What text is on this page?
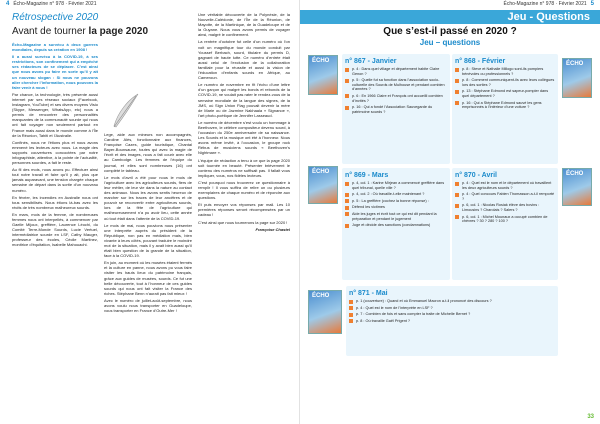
4 Écho-Magazine n° 978 · Février 2021
Rétrospective 2020
Avant de tourner la page 2020

Écho-Magazine a survécu à deux guerres mondiales, depuis sa création en 1908 !

Il a aussi survécu à la COVID-19, à ses restrictions, son confinement qui a empêché ses rédacteurs de se déplacer. C’est ainsi que nous avons pu faire en sorte qu’il y ait un nouveau slogan : Si nous ne pouvons aller chercher l’information, nous pouvons la faire venir à nous !

Par chance, la technologie, très présente aussi internet par ses réseaux sociaux (Facebook, Instagram, YouTube) et ses divers moyens Visio (Skype, Messenger, WhatsApp, etc) nous a permis de rencontrer des personnalités marquantes de la communauté sourde qui nous ont fait voyager non seulement partout en France mais aussi dans le monde comme à l’Île de la Réunion, Tahiti et l’Australie.

Confinés, nous ne l’étions plus et nous avons emmené les lecteurs avec nous. La magie des supports couvertures concoctées par notre infographiste, attentive, à la pointe de l’actualité, personnes sourdes, a fait le reste.

Au fil des mois, nous avons pu. Effectuer ainsi tout notre travail et faire qu’il y ait, plus que jamais auparavant, une tension chargée chaque semaine de départ dans la sortie d’un nouveau numéro.

En février, les incendies en Australie nous ont tous sensibilisés. Nous étions là-bas avec les récits de très nombreux malheureux sourds.

En mars, mois de la femme, de nombreuses femmes nous ont interpellés, à commencer par Gaelle Mijoux, greffière, Laurence Léochi, du Comité Terre-Monde Sourds, Lucie Vertuel, intermédiatrice sourde en LSF, Cathy Mauger, professeur des écoles, Cécile Martinez, monitrice d’équitation, Isabelle Mahouachi.

Lege, aide aux mineurs non accompagnés, Caroline Alès, fonctionnaire aux finances, Françoise Cazes, guide touristique, Chantal Bayer-Bounsaune, toutes qui avec la magie de l’écrit et des images, nous a fait courir avec elle au Cambodge. Les femmes de l’équipe du journal, et elles sont nombreuses (16) ont complété le tableau.

Le mois d’avril a été pour nous le mois de l’agriculture avec les agriculteurs sourds, fiers de leur métier, de leur vie dans la nature au contact des animaux. Nous les avons sentis heureux de marcher sur les traces de leur ancêtres et de pouvoir se reconvertir entre agriculteurs sourds, lors de la fête de l’agriculture qui malheureusement n’a pu avoir lieu, cette année où tout était dans l’attente de la COVID-19.

Le mois de mai, nous pouvions nous présenter une interprète auprès du président de la République, non pas en médiation mais, bien vivante à leurs côtés, pouvant traduire le moindre mot de la situation, mais il y avait bien aussi qu’il était bien question de la grande de la situation, face à la COVID-19.

En juin, au moment où les musées étaient fermés et la culture en panne, nous avons pu vous faire visiter les hauts lieux du patrimoine français, grâce aux guides de musées, sourds. Ce fut une belle découverte, tout à l’honneur de ces guides sourds qui nous ont fait visiter la France des riches. Stéphane Benn n’aurait pas fait mieux !

Avec le numéro de juillet-août-septembre, nous avons voulu nous transporter en Guadeloupe, vous transporter en France d’Outre-Mer !

Une véritable découverte de la Polynésie, de la Nouvelle-Calédonie, de l’Île de la Réunion, de Mayotte, de la Martinique, de la Guadeloupe et de la Guyane. Nous vous avons permis de voyager ainsi, malgré le confinement.

La rentrée d’octobre fut celle d’un numéro où l’on voit un magnifique tour du monde conduit par Youssef Berbach, sourd, titulaire du permis D, gagnant de haute lutte. Ce numéro d’entrée était aussi celui de l’exclusion de la collaboration familiale pour la réussite et aussi la vision de l’éducation d’enfants sourds en Afrique, au Cameroun.

Le numéro de novembre en fit l’écho d’une lettre d’un garçon qui malgré les bonds et rebonds de la COVID-19, ne voulait pas rater le rendez-vous de la semaine mondiale de la langue des signes, de la JMS, où Sign Union Flag pouvait devenir la mère de Marie ou de Jazmine Nakhaala « Signanoe », l’art photo-poétique de Jennifer Lasseaud.

Le numéro de décembre s’est voulu un hommage à Beethoven, le célèbre compositeur devenu sourd, à l’occasion du 250e anniversaire de sa naissance. Les Sourds et la musique ont été à l’honneur. Nous avons même invité, à l’occasion, le groupe rock Rébus de musiciens sourds « Beethoven’s Nightmare ».

L’équipe de rédaction a tenu à ce que la page 2020 soit tournée en beauté. Présenter brièvement le contenu des numéros ne suffisait pas. Il fallait vous impliquer, vous, nos fidèles lecteurs.

C’est pourquoi nous trouverez ce questionnaire à remplir ! Il vous suffira de relire un ou plusieurs exemplaires de chaque numéro et de répondre aux questions.

Et puis envoyer vos réponses par mail. Les 10 premières réponses seront récompensées par un cadeau !

C’est ainsi que nous tournerons la page sur 2020 !

Françoise Chastel

Écho-Magazine n° 978 · Février 2021 5
Jeu - Questions
Que s’est-il passé en 2020 ?
Jeu – questions
ÉCHO	ÉCHO
ÉCHO	ÉCHO
ÉCHO
n° 867 - Janvier
p. 4 : Dans quel village et département habite Claire Genon ?
p. 5 : Quelle fut sa fonction dans l’association socio-culturelle des Sourds de Mulhouse et pendant combien d’années ?
p. 6 : En 1966 Claire et François ont accueilli combien d’invités ?
p. 16 : Qui a fondé l’Association Sauvegarde du patrimoine sourds ?
n° 868 - Février
p. 8 : Steve et Nathalie Millogo sont-ils pompiers bénévoles ou professionnels ?
p. 8 : Comment communiquent-ils avec leurs collègues lors des sorties ?
p. 13 : Stéphane Edmond est sapeur-pompier dans quel département ?
p. 16 : Qui a Stéphane Edmond sauvé les gens emprisonnés à l’intérieur d’une voiture ?
n° 869 - Mars
p. 4, col. 1 : Karine Mirjean a commencé greffière dans quel tribunal, quelle ville ?
p. 4, col. 2 : Où travaille-t-elle maintenant ?
p. 5 : La greffière (cochez la bonne réponse) :
Défend les victimes
Aide les juges et écrit tout ce qui est dit pendant la préparation et pendant le jugement
Juge et décide des sanctions (condamnations)
n° 870 - Avril
p. 4 : Quel est le nom et le département où travaillent les deux agriculteurs sourds ?
p. 4 : Quel concours Fabien Thomasson a-t-il remporté ?
p. 6, col. 1 : Nicolas Rosiak élève des bovins : Limousins ? Charolais ? Salers ?
p. 6, col. 1 : Michel Mounaux a occupé combien de chèvres ? 30 ? 280 ? 100 ?
n° 871 - Mai
p. 1 (couverture) : Quand et où Emmanuel Macron a-t-il prononcé des discours ?
p. 4 : Quel est le nom de l’interprète en LSF ?
p. 7 : Combien de fois et sans compter la traite de Michelle Bernet ?
p. 8 : Où travaille Gaël Prigent ?
33
